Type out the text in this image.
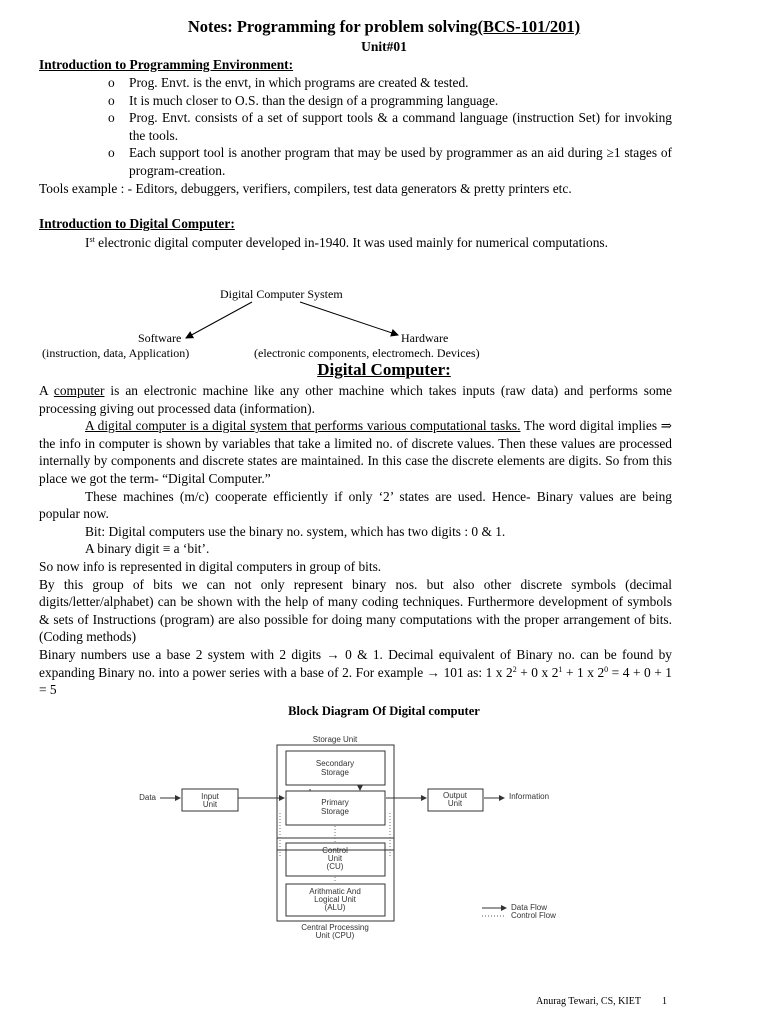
Notes: Programming for problem solving(BCS-101/201)
Unit#01
Introduction to Programming Environment:
o Prog. Envt. is the envt, in which programs are created & tested.
o It is much closer to O.S. than the design of a programming language.
o Prog. Envt. consists of a set of support tools & a command language (instruction Set) for invoking the tools.
o Each support tool is another program that may be used by programmer as an aid during ≥1 stages of program-creation.
Tools example : - Editors, debuggers, verifiers, compilers, test data generators & pretty printers etc.
Introduction to Digital Computer:
Ist electronic digital computer developed in-1940. It was used mainly for numerical computations.
Digital Computer System
Software
(instruction, data, Application)
Hardware
(electronic components, electromech. Devices)
Digital Computer:

A computer is an electronic machine like any other machine which takes inputs (raw data) and performs some processing giving out processed data (information).

A digital computer is a digital system that performs various computational tasks. The word digital implies ⇒ the info in computer is shown by variables that take a limited no. of discrete values. Then these values are processed internally by components and discrete states are maintained. In this case the discrete elements are digits. So from this place we got the term- “Digital Computer.”

These machines (m/c) cooperate efficiently if only ‘2’ states are used. Hence- Binary values are being popular now.

Bit: Digital computers use the binary no. system, which has two digits : 0 & 1.

A binary digit ≡ a ‘bit’.

So now info is represented in digital computers in group of bits.

By this group of bits we can not only represent binary nos. but also other discrete symbols (decimal digits/letter/alphabet) can be shown with the help of many coding techniques. Furthermore development of symbols & sets of Instructions (program) are also possible for doing many computations with the proper arrangement of bits. (Coding methods)

Binary numbers use a base 2 system with 2 digits → 0 & 1. Decimal equivalent of Binary no. can be found by expanding Binary no. into a power series with a base of 2. For example → 101 as: 1 x $2^2 + 0$ x $2^1 + 1$ x $2^0 = 4 + 0 + 1 = 5$

Block Diagram Of Digital computer
Storage Unit
Secondary
Storage
Primary
Storage
Data	Input
Unit
Output
Unit
Information
Control
Unit
(CU)
Arithmatic And
Logical Unit
(ALU)
Central Processing
Unit (CPU)
Data Flow
Control Flow
Anurag Tewari, CS, KIET 1
